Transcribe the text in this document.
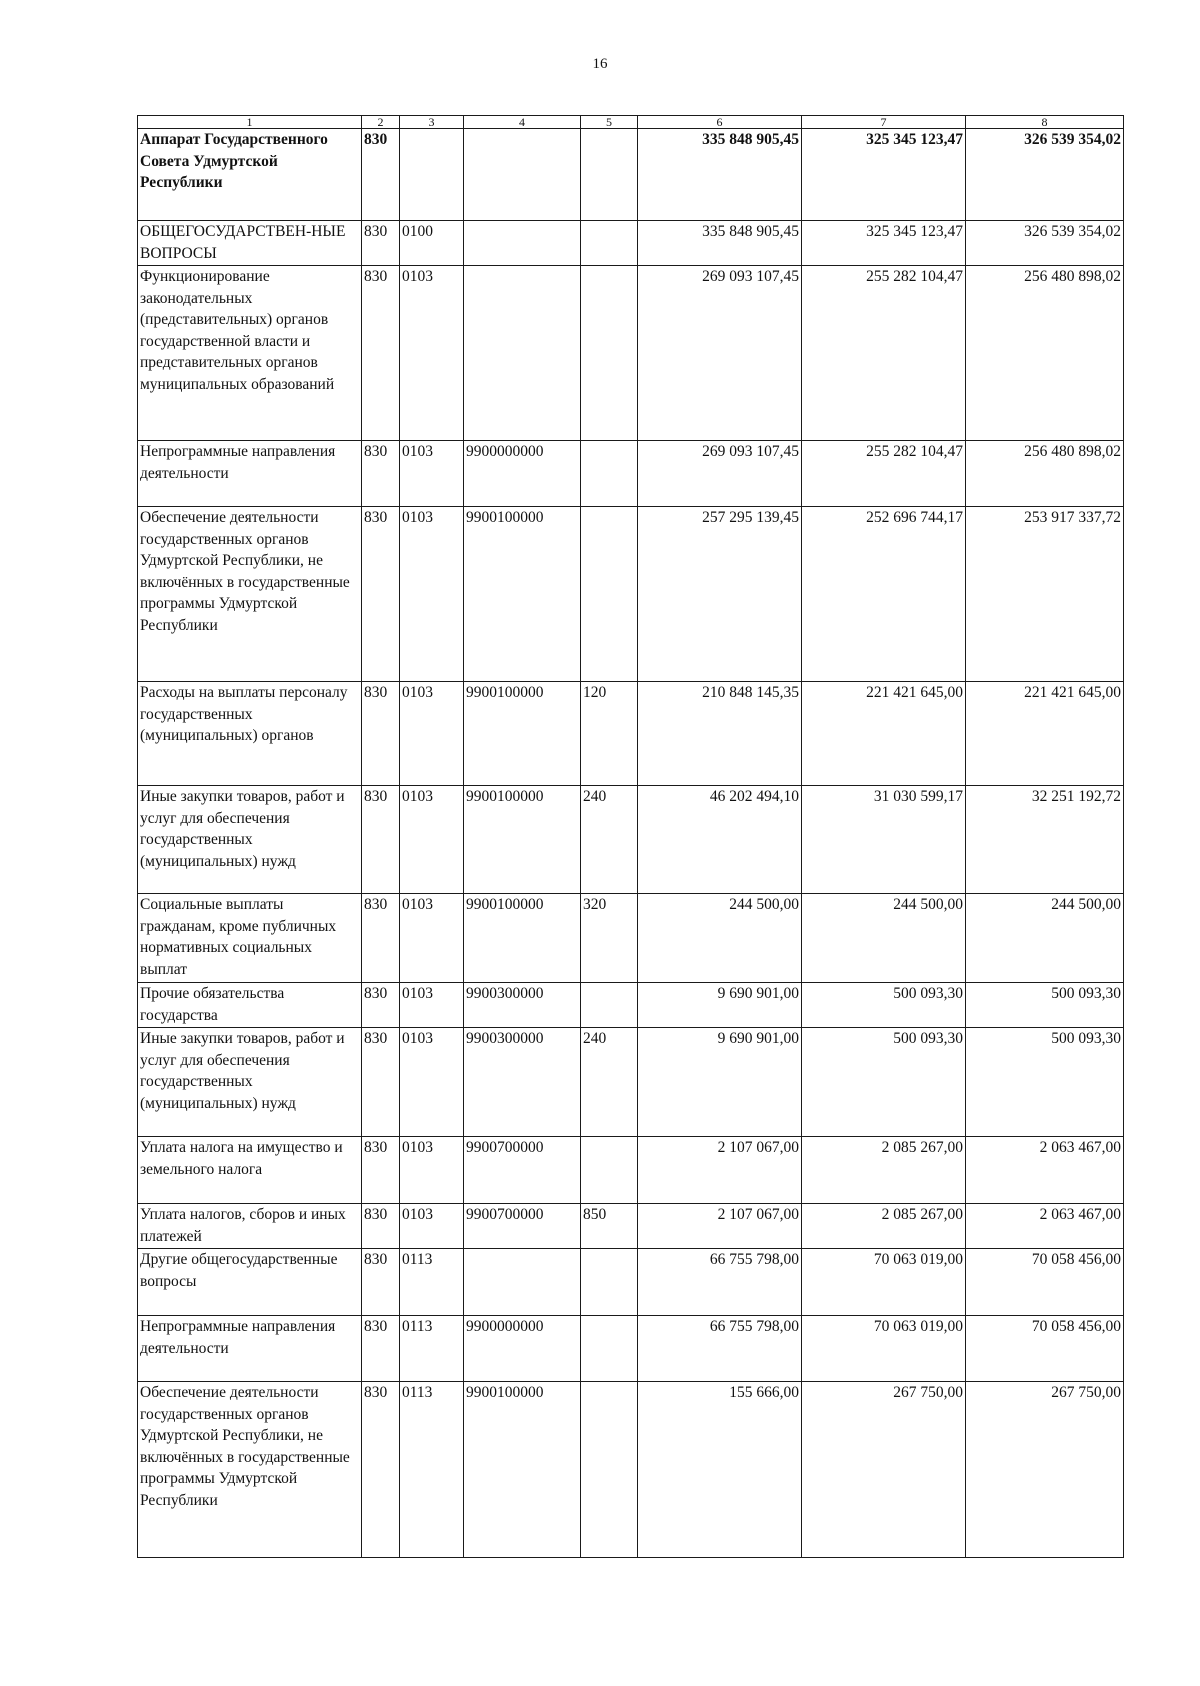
16
1	2	3	4	5	6	7	8
Аппарат Государственного Совета Удмуртской Республики	830				335 848 905,45	325 345 123,47	326 539 354,02
ОБЩЕГОСУДАРСТВЕН-НЫЕ ВОПРОСЫ	830	0100			335 848 905,45	325 345 123,47	326 539 354,02
Функционирование законодательных (представительных) органов государственной власти и представительных органов муниципальных образований	830	0103			269 093 107,45	255 282 104,47	256 480 898,02
Непрограммные направления деятельности	830	0103	9900000000		269 093 107,45	255 282 104,47	256 480 898,02
Обеспечение деятельности государственных органов Удмуртской Республики, не включённых в государственные программы Удмуртской Республики	830	0103	9900100000		257 295 139,45	252 696 744,17	253 917 337,72
Расходы на выплаты персоналу государственных (муниципальных) органов	830	0103	9900100000	120	210 848 145,35	221 421 645,00	221 421 645,00
Иные закупки товаров, работ и услуг для обеспечения государственных (муниципальных) нужд	830	0103	9900100000	240	46 202 494,10	31 030 599,17	32 251 192,72
Социальные выплаты гражданам, кроме публичных нормативных социальных выплат	830	0103	9900100000	320	244 500,00	244 500,00	244 500,00
Прочие обязательства государства	830	0103	9900300000		9 690 901,00	500 093,30	500 093,30
Иные закупки товаров, работ и услуг для обеспечения государственных (муниципальных) нужд	830	0103	9900300000	240	9 690 901,00	500 093,30	500 093,30
Уплата налога на имущество и земельного налога	830	0103	9900700000		2 107 067,00	2 085 267,00	2 063 467,00
Уплата налогов, сборов и иных платежей	830	0103	9900700000	850	2 107 067,00	2 085 267,00	2 063 467,00
Другие общегосударственные вопросы	830	0113			66 755 798,00	70 063 019,00	70 058 456,00
Непрограммные направления деятельности	830	0113	9900000000		66 755 798,00	70 063 019,00	70 058 456,00
Обеспечение деятельности государственных органов Удмуртской Республики, не включённых в государственные программы Удмуртской Республики	830	0113	9900100000		155 666,00	267 750,00	267 750,00
